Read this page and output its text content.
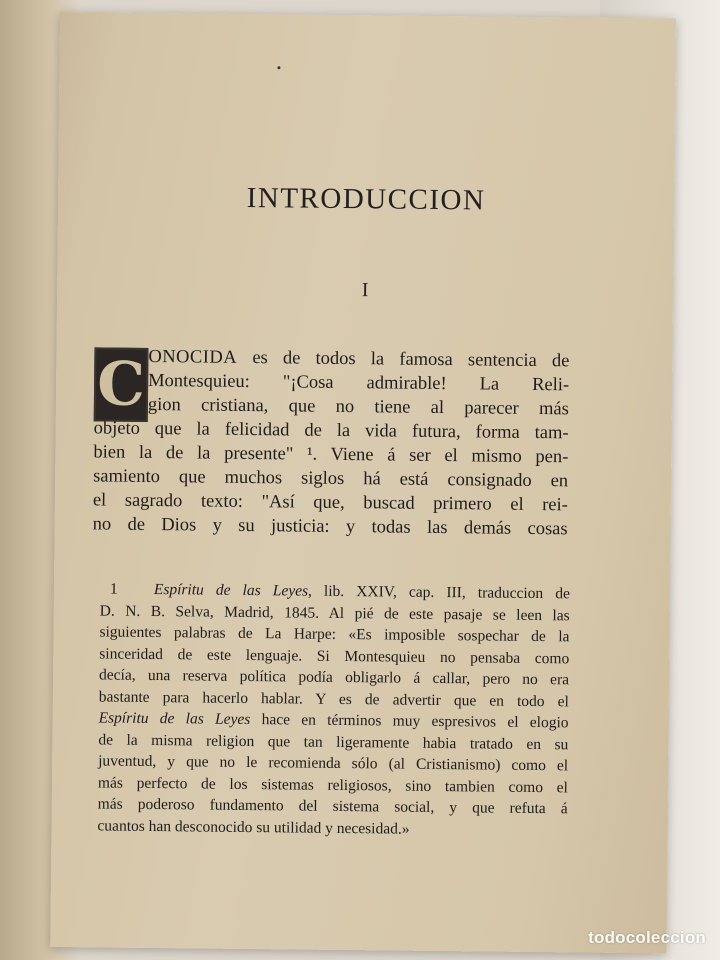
INTRODUCCION
I
C ONOCIDA es de todos la famosa sentencia de
Montesquieu: "¡Cosa admirable! La Reli-
gion cristiana, que no tiene al parecer más
objeto que la felicidad de la vida futura, forma tam-
bien la de la presente" ¹. Viene á ser el mismo pen-
samiento que muchos siglos há está consignado en
el sagrado texto: "Así que, buscad primero el rei-
no de Dios y su justicia: y todas las demás cosas
1 Espíritu de las Leyes, lib. XXIV, cap. III, traduccion de
D. N. B. Selva, Madrid, 1845. Al pié de este pasaje se leen las
siguientes palabras de La Harpe: «Es imposible sospechar de la
sinceridad de este lenguaje. Si Montesquieu no pensaba como
decía, una reserva política podía obligarlo á callar, pero no era
bastante para hacerlo hablar. Y es de advertir que en todo el
Espíritu de las Leyes hace en términos muy espresivos el elogio
de la misma religion que tan ligeramente habia tratado en su
juventud, y que no le recomienda sólo (al Cristianismo) como el
más perfecto de los sistemas religiosos, sino tambien como el
más poderoso fundamento del sistema social, y que refuta á
cuantos han desconocido su utilidad y necesidad.»
todocoleccion
